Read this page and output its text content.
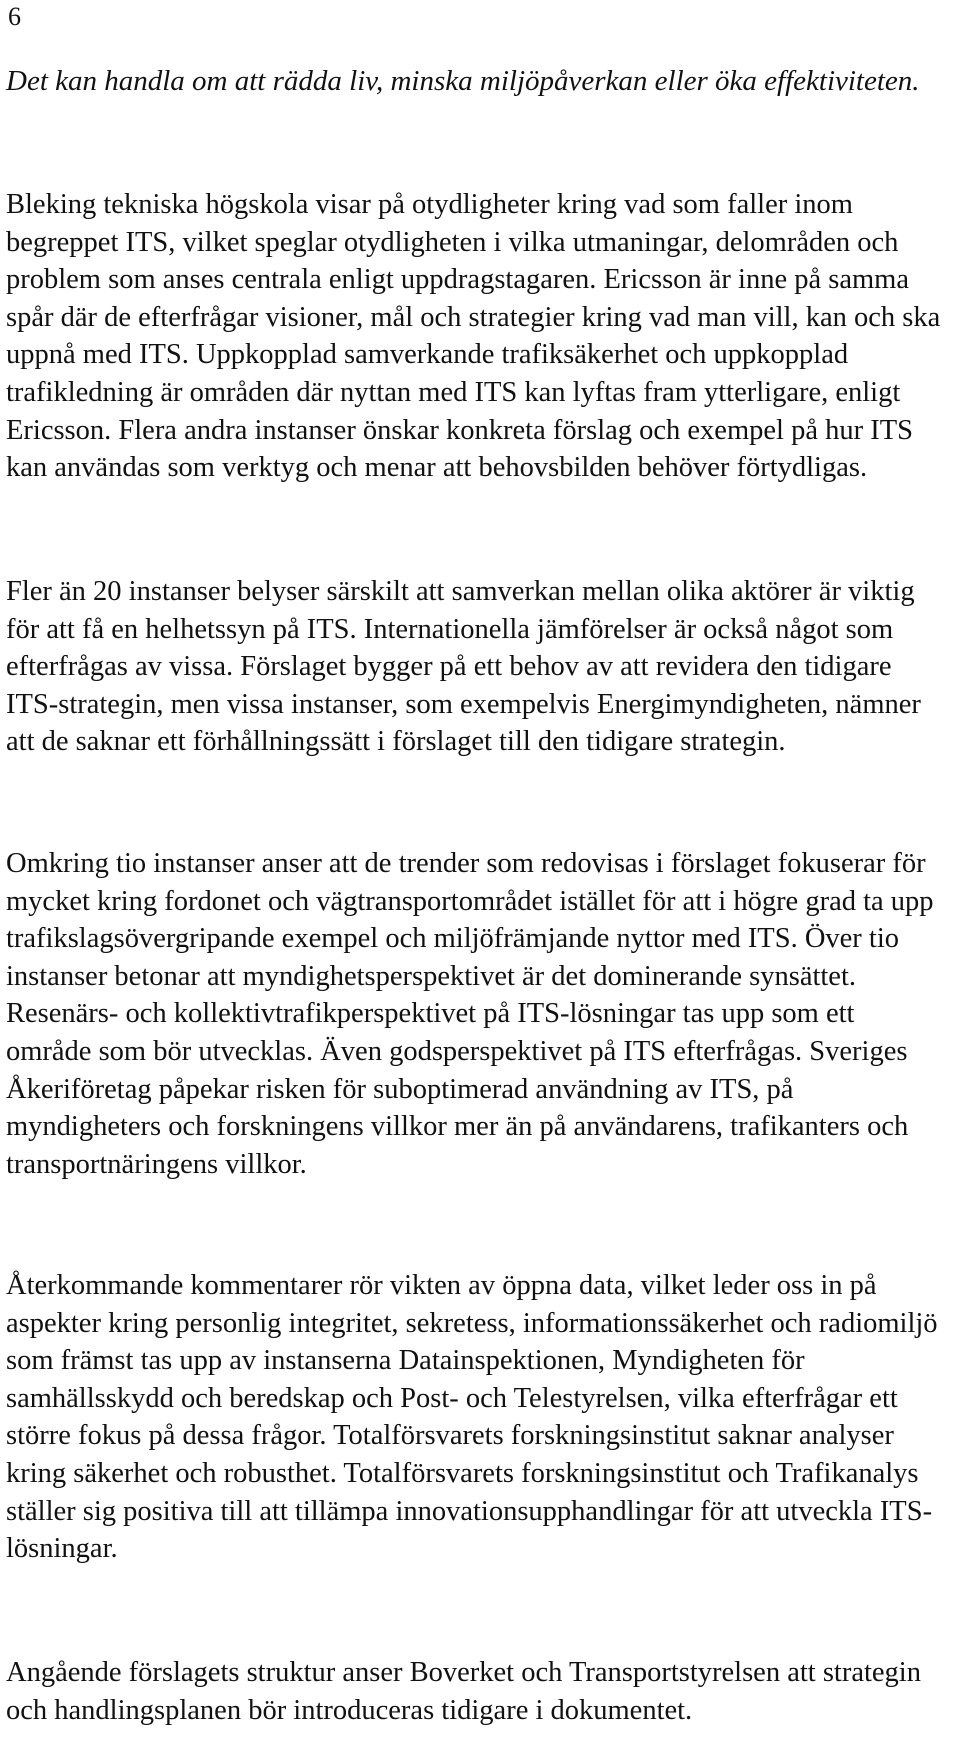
6

Det kan handla om att rädda liv, minska miljöpåverkan eller öka effektiviteten.

Bleking tekniska högskola visar på otydligheter kring vad som faller inom begreppet ITS, vilket speglar otydligheten i vilka utmaningar, delområden och problem som anses centrala enligt uppdragstagaren. Ericsson är inne på samma spår där de efterfrågar visioner, mål och strategier kring vad man vill, kan och ska uppnå med ITS. Uppkopplad samverkande trafiksäkerhet och uppkopplad trafikledning är områden där nyttan med ITS kan lyftas fram ytterligare, enligt Ericsson. Flera andra instanser önskar konkreta förslag och exempel på hur ITS kan användas som verktyg och menar att behovsbilden behöver förtydligas.

Fler än 20 instanser belyser särskilt att samverkan mellan olika aktörer är viktig för att få en helhetssyn på ITS. Internationella jämförelser är också något som efterfrågas av vissa. Förslaget bygger på ett behov av att revidera den tidigare ITS-strategin, men vissa instanser, som exempelvis Energimyndigheten, nämner att de saknar ett förhållningssätt i förslaget till den tidigare strategin.

Omkring tio instanser anser att de trender som redovisas i förslaget fokuserar för mycket kring fordonet och vägtransportområdet istället för att i högre grad ta upp trafikslagsövergripande exempel och miljöfrämjande nyttor med ITS. Över tio instanser betonar att myndighetsperspektivet är det dominerande synsättet. Resenärs- och kollektivtrafikperspektivet på ITS-lösningar tas upp som ett område som bör utvecklas. Även godsperspektivet på ITS efterfrågas. Sveriges Åkeriföretag påpekar risken för suboptimerad användning av ITS, på myndigheters och forskningens villkor mer än på användarens, trafikanters och transportnäringens villkor.

Återkommande kommentarer rör vikten av öppna data, vilket leder oss in på aspekter kring personlig integritet, sekretess, informationssäkerhet och radiomiljö som främst tas upp av instanserna Datainspektionen, Myndigheten för samhällsskydd och beredskap och Post- och Telestyrelsen, vilka efterfrågar ett större fokus på dessa frågor. Totalförsvarets forskningsinstitut saknar analyser kring säkerhet och robusthet. Totalförsvarets forskningsinstitut och Trafikanalys ställer sig positiva till att tillämpa innovationsupphandlingar för att utveckla ITS-lösningar.

Angående förslagets struktur anser Boverket och Transportstyrelsen att strategin och handlingsplanen bör introduceras tidigare i dokumentet.
